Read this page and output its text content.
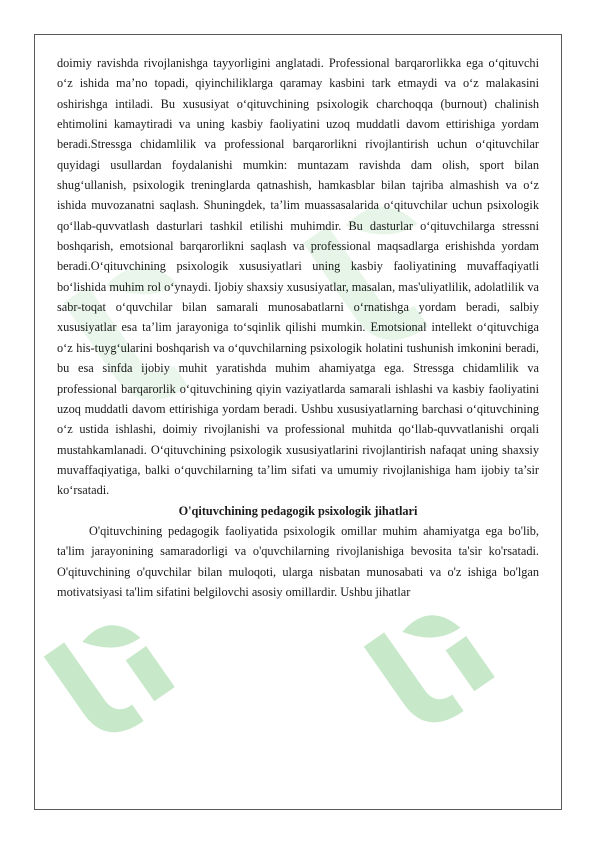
doimiy ravishda rivojlanishga tayyorligini anglatadi. Professional barqarorlikka ega o‘qituvchi o‘z ishida ma’no topadi, qiyinchiliklarga qaramay kasbini tark etmaydi va o‘z malakasini oshirishga intiladi. Bu xususiyat o‘qituvchining psixologik charchoqqa (burnout) chalinish ehtimolini kamaytiradi va uning kasbiy faoliyatini uzoq muddatli davom ettirishiga yordam beradi.Stressga chidamlilik va professional barqarorlikni rivojlantirish uchun o‘qituvchilar quyidagi usullardan foydalanishi mumkin: muntazam ravishda dam olish, sport bilan shug‘ullanish, psixologik treninglarda qatnashish, hamkasblar bilan tajriba almashish va o‘z ishida muvozanatni saqlash. Shuningdek, ta’lim muassasalarida o‘qituvchilar uchun psixologik qo‘llab-quvvatlash dasturlari tashkil etilishi muhimdir. Bu dasturlar o‘qituvchilarga stressni boshqarish, emotsional barqarorlikni saqlash va professional maqsadlarga erishishda yordam beradi.O‘qituvchining psixologik xususiyatlari uning kasbiy faoliyatining muvaffaqiyatli bo‘lishida muhim rol o‘ynaydi. Ijobiy shaxsiy xususiyatlar, masalan, mas'uliyatlilik, adolatlilik va sabr-toqat o‘quvchilar bilan samarali munosabatlarni o‘rnatishga yordam beradi, salbiy xususiyatlar esa ta’lim jarayoniga to‘sqinlik qilishi mumkin. Emotsional intellekt o‘qituvchiga o‘z his-tuyg‘ularini boshqarish va o‘quvchilarning psixologik holatini tushunish imkonini beradi, bu esa sinfda ijobiy muhit yaratishda muhim ahamiyatga ega. Stressga chidamlilik va professional barqarorlik o‘qituvchining qiyin vaziyatlarda samarali ishlashi va kasbiy faoliyatini uzoq muddatli davom ettirishiga yordam beradi. Ushbu xususiyatlarning barchasi o‘qituvchining o‘z ustida ishlashi, doimiy rivojlanishi va professional muhitda qo‘llab-quvvatlanishi orqali mustahkamlanadi. O‘qituvchining psixologik xususiyatlarini rivojlantirish nafaqat uning shaxsiy muvaffaqiyatiga, balki o‘quvchilarning ta’lim sifati va umumiy rivojlanishiga ham ijobiy ta’sir ko‘rsatadi.

O'qituvchining pedagogik psixologik jihatlari

O'qituvchining pedagogik faoliyatida psixologik omillar muhim ahamiyatga ega bo'lib, ta'lim jarayonining samaradorligi va o'quvchilarning rivojlanishiga bevosita ta'sir ko'rsatadi. O'qituvchining o'quvchilar bilan muloqoti, ularga nisbatan munosabati va o'z ishiga bo'lgan motivatsiyasi ta'lim sifatini belgilovchi asosiy omillardir. Ushbu jihatlar
